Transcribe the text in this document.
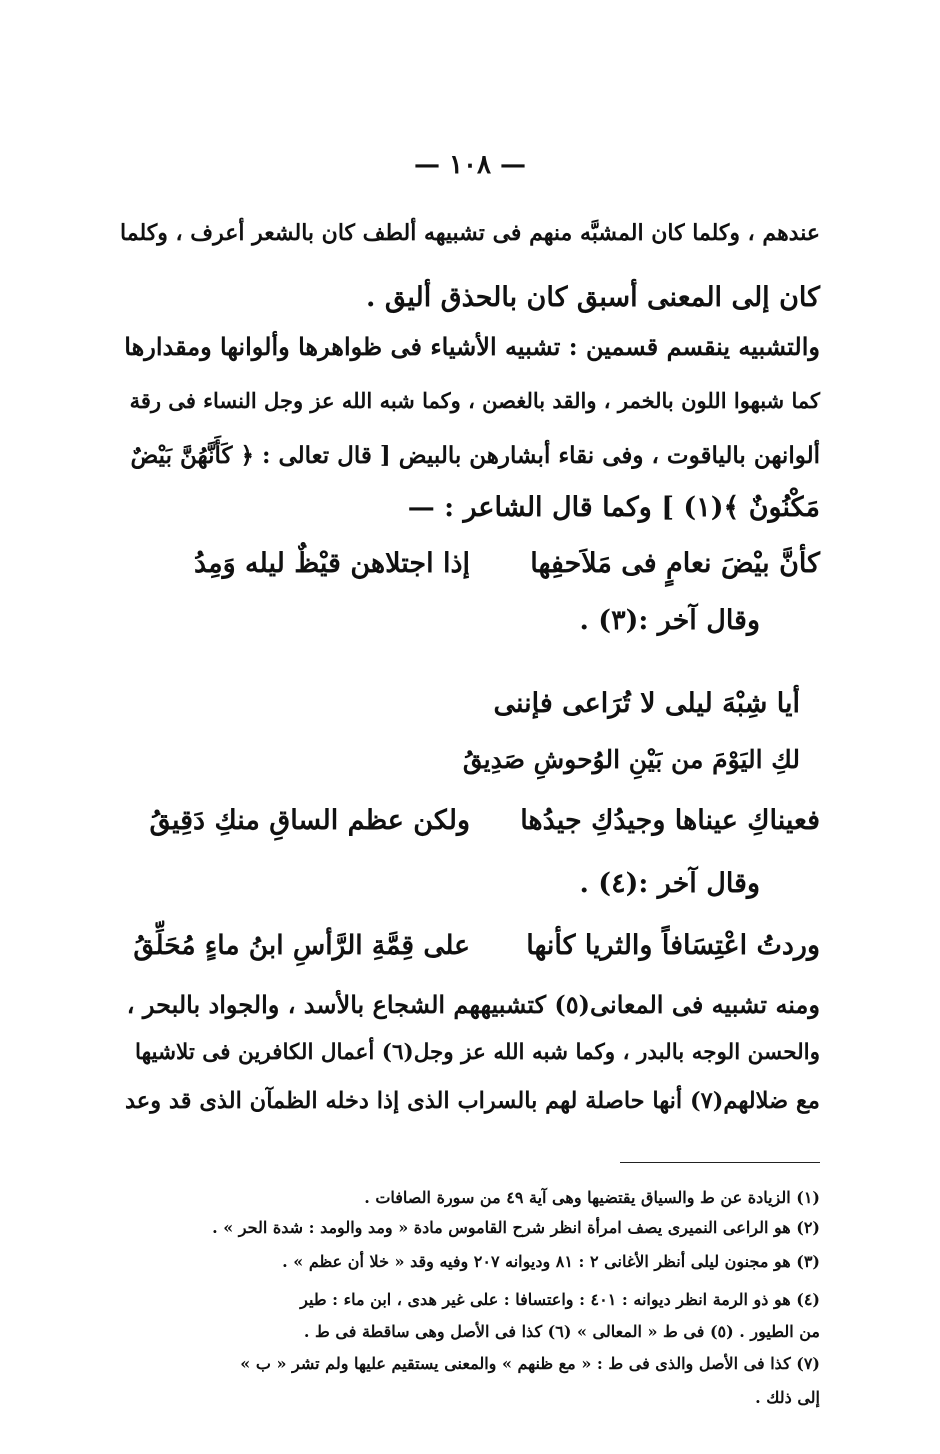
— ١٠٨ —
عندهم ، وكلما كان المشبَّه منهم فى تشبيهه ألطف كان بالشعر أعرف ، وكلما
كان إلى المعنى أسبق كان بالحذق أليق .
والتشبيه ينقسم قسمين : تشبيه الأشياء فى ظواهرها وألوانها ومقدارها
كما شبهوا اللون بالخمر ، والقد بالغصن ، وكما شبه الله عز وجل النساء فى رقة
ألوانهن بالياقوت ، وفى نقاء أبشارهن بالبيض [ قال تعالى : ﴿ كَأَنَّهُنَّ بَيْضٌ
مَكْنُونٌ ﴾(١) ] وكما قال الشاعر : —
كأنَّ بيْضَ نعامٍ فى مَلاَحفِها
إذا اجتلاهن قيْظٌ ليله وَمِدُ
وقال آخر :(٣) .
أيا شِبْهَ ليلى لا تُرَاعى فإننى
لكِ اليَوْمَ من بَيْنِ الوُحوشِ صَدِيقُ
فعيناكِ عيناها وجيدُكِ جيدُها
ولكن عظم الساقِ منكِ دَقِيقُ
وقال آخر :(٤) .
وردتُ اعْتِسَافاً والثريا كأنها
على قِمَّةِ الرَّأسِ ابنُ ماءٍ مُحَلِّقُ
ومنه تشبيه فى المعانى(٥) كتشبيههم الشجاع بالأسد ، والجواد بالبحر ،
والحسن الوجه بالبدر ، وكما شبه الله عز وجل(٦) أعمال الكافرين فى تلاشيها
مع ضلالهم(٧) أنها حاصلة لهم بالسراب الذى إذا دخله الظمآن الذى قد وعد
(١) الزيادة عن ط والسياق يقتضيها وهى آية ٤٩ من سورة الصافات .
(٢) هو الراعى النميرى يصف امرأة انظر شرح القاموس مادة « ومد والومد : شدة الحر » .
(٣) هو مجنون ليلى أنظر الأغانى ٢ : ٨١ وديوانه ٢٠٧ وفيه وقد « خلا أن عظم » .
(٤) هو ذو الرمة انظر ديوانه : ٤٠١ : واعتسافا : على غير هدى ، ابن ماء : طير
من الطيور . (٥) فى ط « المعالى » (٦) كذا فى الأصل وهى ساقطة فى ط .
(٧) كذا فى الأصل والذى فى ط : « مع ظنهم » والمعنى يستقيم عليها ولم تشر « ب »
إلى ذلك .
